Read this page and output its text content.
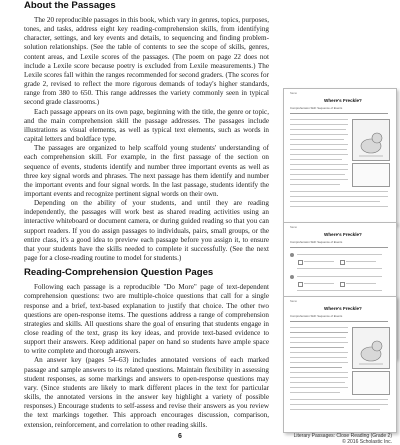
About the Passages

The 20 reproducible passages in this book, which vary in genres, topics, purposes, tones, and tasks, address eight key reading-comprehension skills, from identifying character, settings, and key events and details, to sequencing and finding problem-solution relationships. (See the table of contents to see the scope of skills, genres, content areas, and Lexile scores of the passages. (The poem on page 22 does not include a Lexile score because poetry is excluded from Lexile measurements.) The Lexile scores fall within the ranges recommended for second graders. (The scores for grade 2, revised to reflect the more rigorous demands of today's higher standards, range from 380 to 650. This range addresses the variety commonly seen in typical second grade classrooms.)

Each passage appears on its own page, beginning with the title, the genre or topic, and the main comprehension skill the passage addresses. The passages include illustrations as visual elements, as well as typical text elements, such as words in capital letters and boldface type.

The passages are organized to help scaffold young students' understanding of each comprehension skill. For example, in the first passage of the section on sequence of events, students identify and number three important events as well as three key signal words and phrases. The next passage has them identify and number the important events and four signal words. In the last passage, students identify the important events and recognize pertinent signal words on their own.

Depending on the ability of your students, and until they are reading independently, the passages will work best as shared reading activities using an interactive whiteboard or document camera, or during guided reading so that you can support readers. If you do assign passages to individuals, pairs, small groups, or the entire class, it's a good idea to preview each passage before you assign it, to ensure that your students have the skills needed to complete it successfully. (See the next page for a close-reading routine to model for students.)

Reading-Comprehension Question Pages

Following each passage is a reproducible "Do More" page of text-dependent comprehension questions: two are multiple-choice questions that call for a single response and a brief, text-based explanation to justify that choice. The other two questions are open-response items. The questions address a range of comprehension strategies and skills. All questions share the goal of ensuring that students engage in close reading of the text, grasp its key ideas, and provide text-based evidence to support their answers. Keep additional paper on hand so students have ample space to write complete and thorough answers.

An answer key (pages 54–63) includes annotated versions of each marked passage and sample answers to its related questions. Maintain flexibility in assessing student responses, as some markings and answers to open-response questions may vary. (Since students are likely to mark different places in the text for particular skills, the annotated versions in the answer key highlight a variety of possible responses.) Encourage students to self-assess and revise their answers as you review the text markings together. This approach encourages discussion, comparison, extension, reinforcement, and correlation to other reading skills.

Name
Where's Freckle?
Comprehension Skill: Sequence of Events
Name
Where's Freckle?
Comprehension Skill: Sequence of Events
Name
Where's Freckle?
Comprehension Skill: Sequence of Events
6	Literary Passages: Close Reading (Grade 2)
© 2016 Scholastic Inc.
